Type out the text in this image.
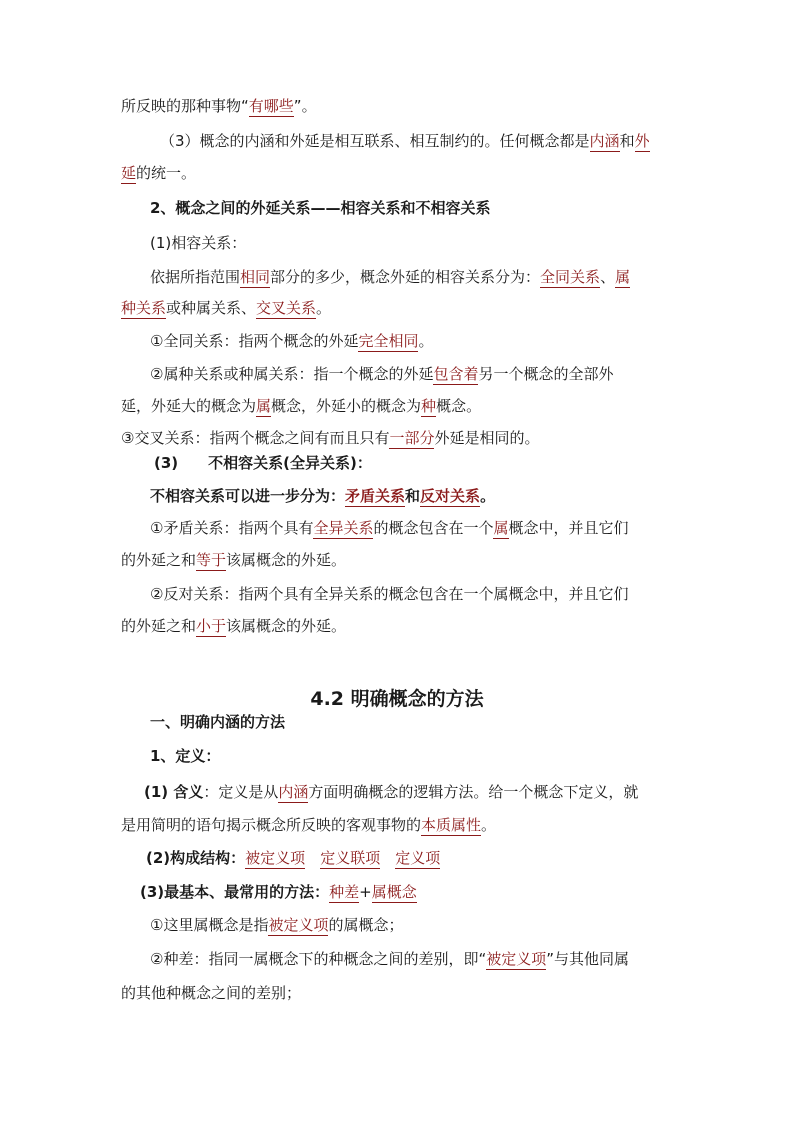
所反映的那种事物“有哪些”。
（3）概念的内涵和外延是相互联系、相互制约的。任何概念都是内涵和外
延的统一。
2、概念之间的外延关系——相容关系和不相容关系
(1)相容关系：
依据所指范围相同部分的多少，概念外延的相容关系分为：全同关系、属
种关系或种属关系、交叉关系。
①全同关系：指两个概念的外延完全相同。
②属种关系或种属关系：指一个概念的外延包含着另一个概念的全部外
延，外延大的概念为属概念，外延小的概念为种概念。
③交叉关系：指两个概念之间有而且只有一部分外延是相同的。
(3)　　不相容关系(全异关系)：
不相容关系可以进一步分为：矛盾关系和反对关系。
①矛盾关系：指两个具有全异关系的概念包含在一个属概念中，并且它们
的外延之和等于该属概念的外延。
②反对关系：指两个具有全异关系的概念包含在一个属概念中，并且它们
的外延之和小于该属概念的外延。
4.2 明确概念的方法
一、明确内涵的方法
1、定义：
(1) 含义：定义是从内涵方面明确概念的逻辑方法。给一个概念下定义，就
是用简明的语句揭示概念所反映的客观事物的本质属性。
(2)构成结构：被定义项　 定义联项　 定义项
(3)最基本、最常用的方法：种差+属概念
①这里属概念是指被定义项的属概念；
②种差：指同一属概念下的种概念之间的差别，即“被定义项”与其他同属
的其他种概念之间的差别；
